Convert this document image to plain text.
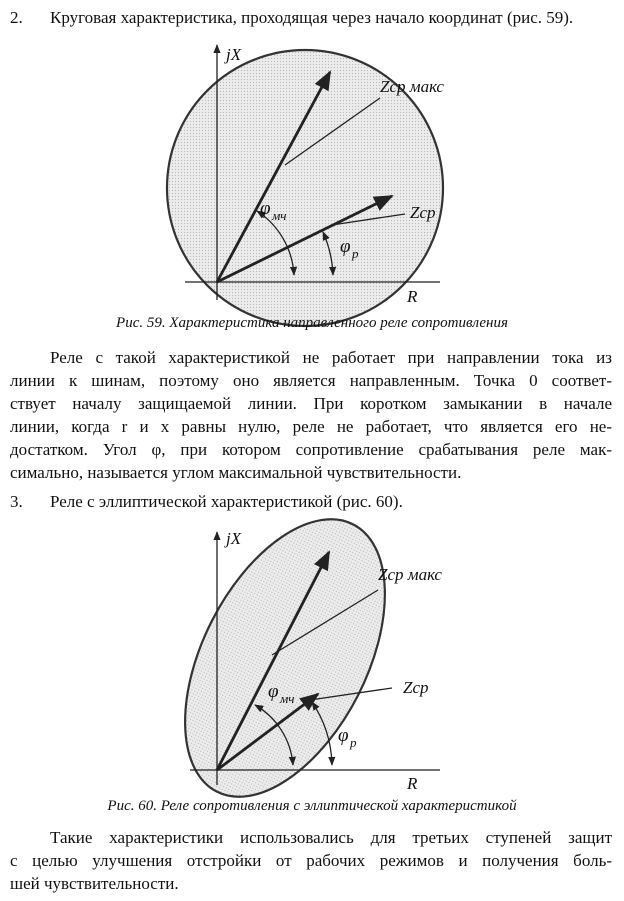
2. Круговая характеристика, проходящая через начало координат (рис. 59).
jX
R
Zср макс
Zср
φ мч
φ р
Рис. 59. Характеристика направленного реле сопротивления
Реле с такой характеристикой не работает при направлении тока из
линии к шинам, поэтому оно является направленным. Точка 0 соответ-
ствует началу защищаемой линии. При коротком замыкании в начале
линии, когда r и x равны нулю, реле не работает, что является его не-
достатком. Угол φ, при котором сопротивление срабатывания реле мак-
симально, называется углом максимальной чувствительности.
3. Реле с эллиптической характеристикой (рис. 60).
jX
R
Zср макс
Zср
φ мч
φ р
Рис. 60. Реле сопротивления с эллиптической характеристикой
Такие характеристики использовались для третьих ступеней защит
с целью улучшения отстройки от рабочих режимов и получения боль-
шей чувствительности.
